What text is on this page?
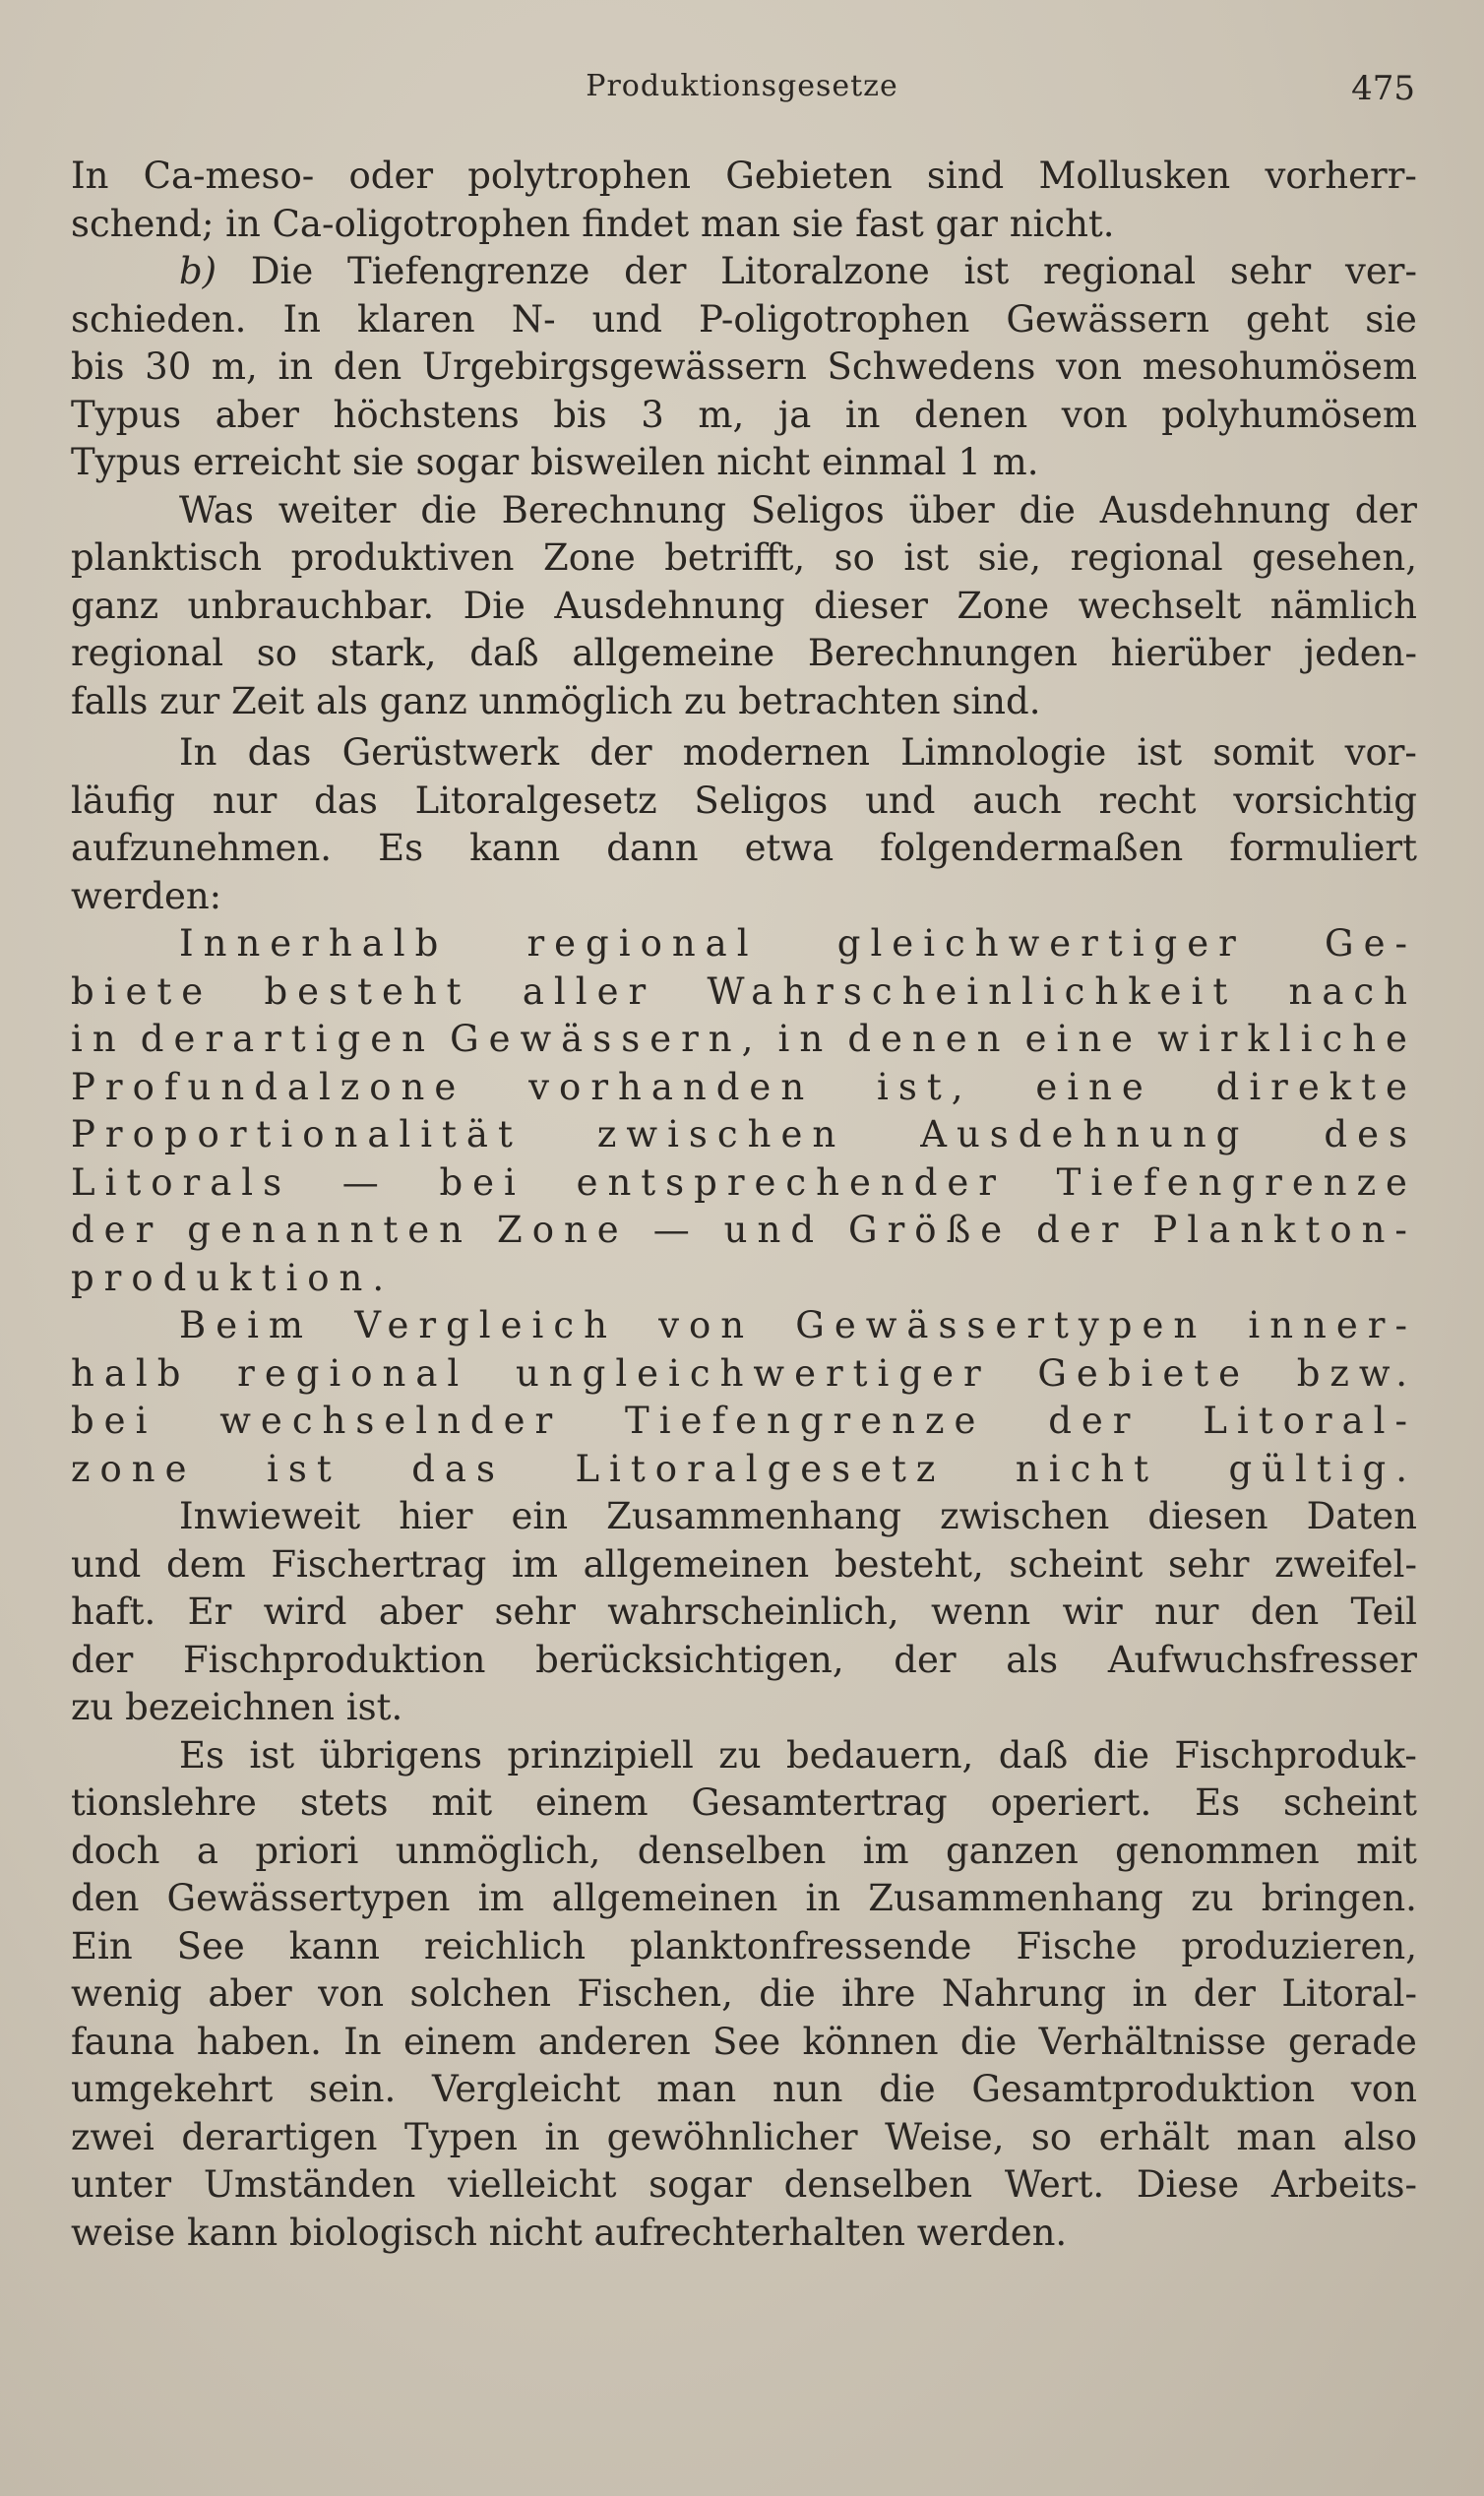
Produktionsgesetze	475
In Ca-meso- oder polytrophen Gebieten sind Mollusken vorherr-
schend; in Ca-oligotrophen findet man sie fast gar nicht.
b) Die Tiefengrenze der Litoralzone ist regional sehr ver-
schieden. In klaren N- und P-oligotrophen Gewässern geht sie
bis 30 m, in den Urgebirgsgewässern Schwedens von mesohumösem
Typus aber höchstens bis 3 m, ja in denen von polyhumösem
Typus erreicht sie sogar bisweilen nicht einmal 1 m.
Was weiter die Berechnung Seligos über die Ausdehnung der
planktisch produktiven Zone betrifft, so ist sie, regional gesehen,
ganz unbrauchbar. Die Ausdehnung dieser Zone wechselt nämlich
regional so stark, daß allgemeine Berechnungen hierüber jeden-
falls zur Zeit als ganz unmöglich zu betrachten sind.
In das Gerüstwerk der modernen Limnologie ist somit vor-
läufig nur das Litoralgesetz Seligos und auch recht vorsichtig
aufzunehmen. Es kann dann etwa folgendermaßen formuliert
werden:
Innerhalb regional gleichwertiger Ge-
biete besteht aller Wahrscheinlichkeit nach
in derartigen Gewässern, in denen eine wirkliche
Profundalzone vorhanden ist, eine direkte
Proportionalität zwischen Ausdehnung des
Litorals — bei entsprechender Tiefengrenze
der genannten Zone — und Größe der Plankton-
produktion.
Beim Vergleich von Gewässertypen inner-
halb regional ungleichwertiger Gebiete bzw.
bei wechselnder Tiefengrenze der Litoral-
zone ist das Litoralgesetz nicht gültig.
Inwieweit hier ein Zusammenhang zwischen diesen Daten
und dem Fischertrag im allgemeinen besteht, scheint sehr zweifel-
haft. Er wird aber sehr wahrscheinlich, wenn wir nur den Teil
der Fischproduktion berücksichtigen, der als Aufwuchsfresser
zu bezeichnen ist.
Es ist übrigens prinzipiell zu bedauern, daß die Fischproduk-
tionslehre stets mit einem Gesamtertrag operiert. Es scheint
doch a priori unmöglich, denselben im ganzen genommen mit
den Gewässertypen im allgemeinen in Zusammenhang zu bringen.
Ein See kann reichlich planktonfressende Fische produzieren,
wenig aber von solchen Fischen, die ihre Nahrung in der Litoral-
fauna haben. In einem anderen See können die Verhältnisse gerade
umgekehrt sein. Vergleicht man nun die Gesamtproduktion von
zwei derartigen Typen in gewöhnlicher Weise, so erhält man also
unter Umständen vielleicht sogar denselben Wert. Diese Arbeits-
weise kann biologisch nicht aufrechterhalten werden.
